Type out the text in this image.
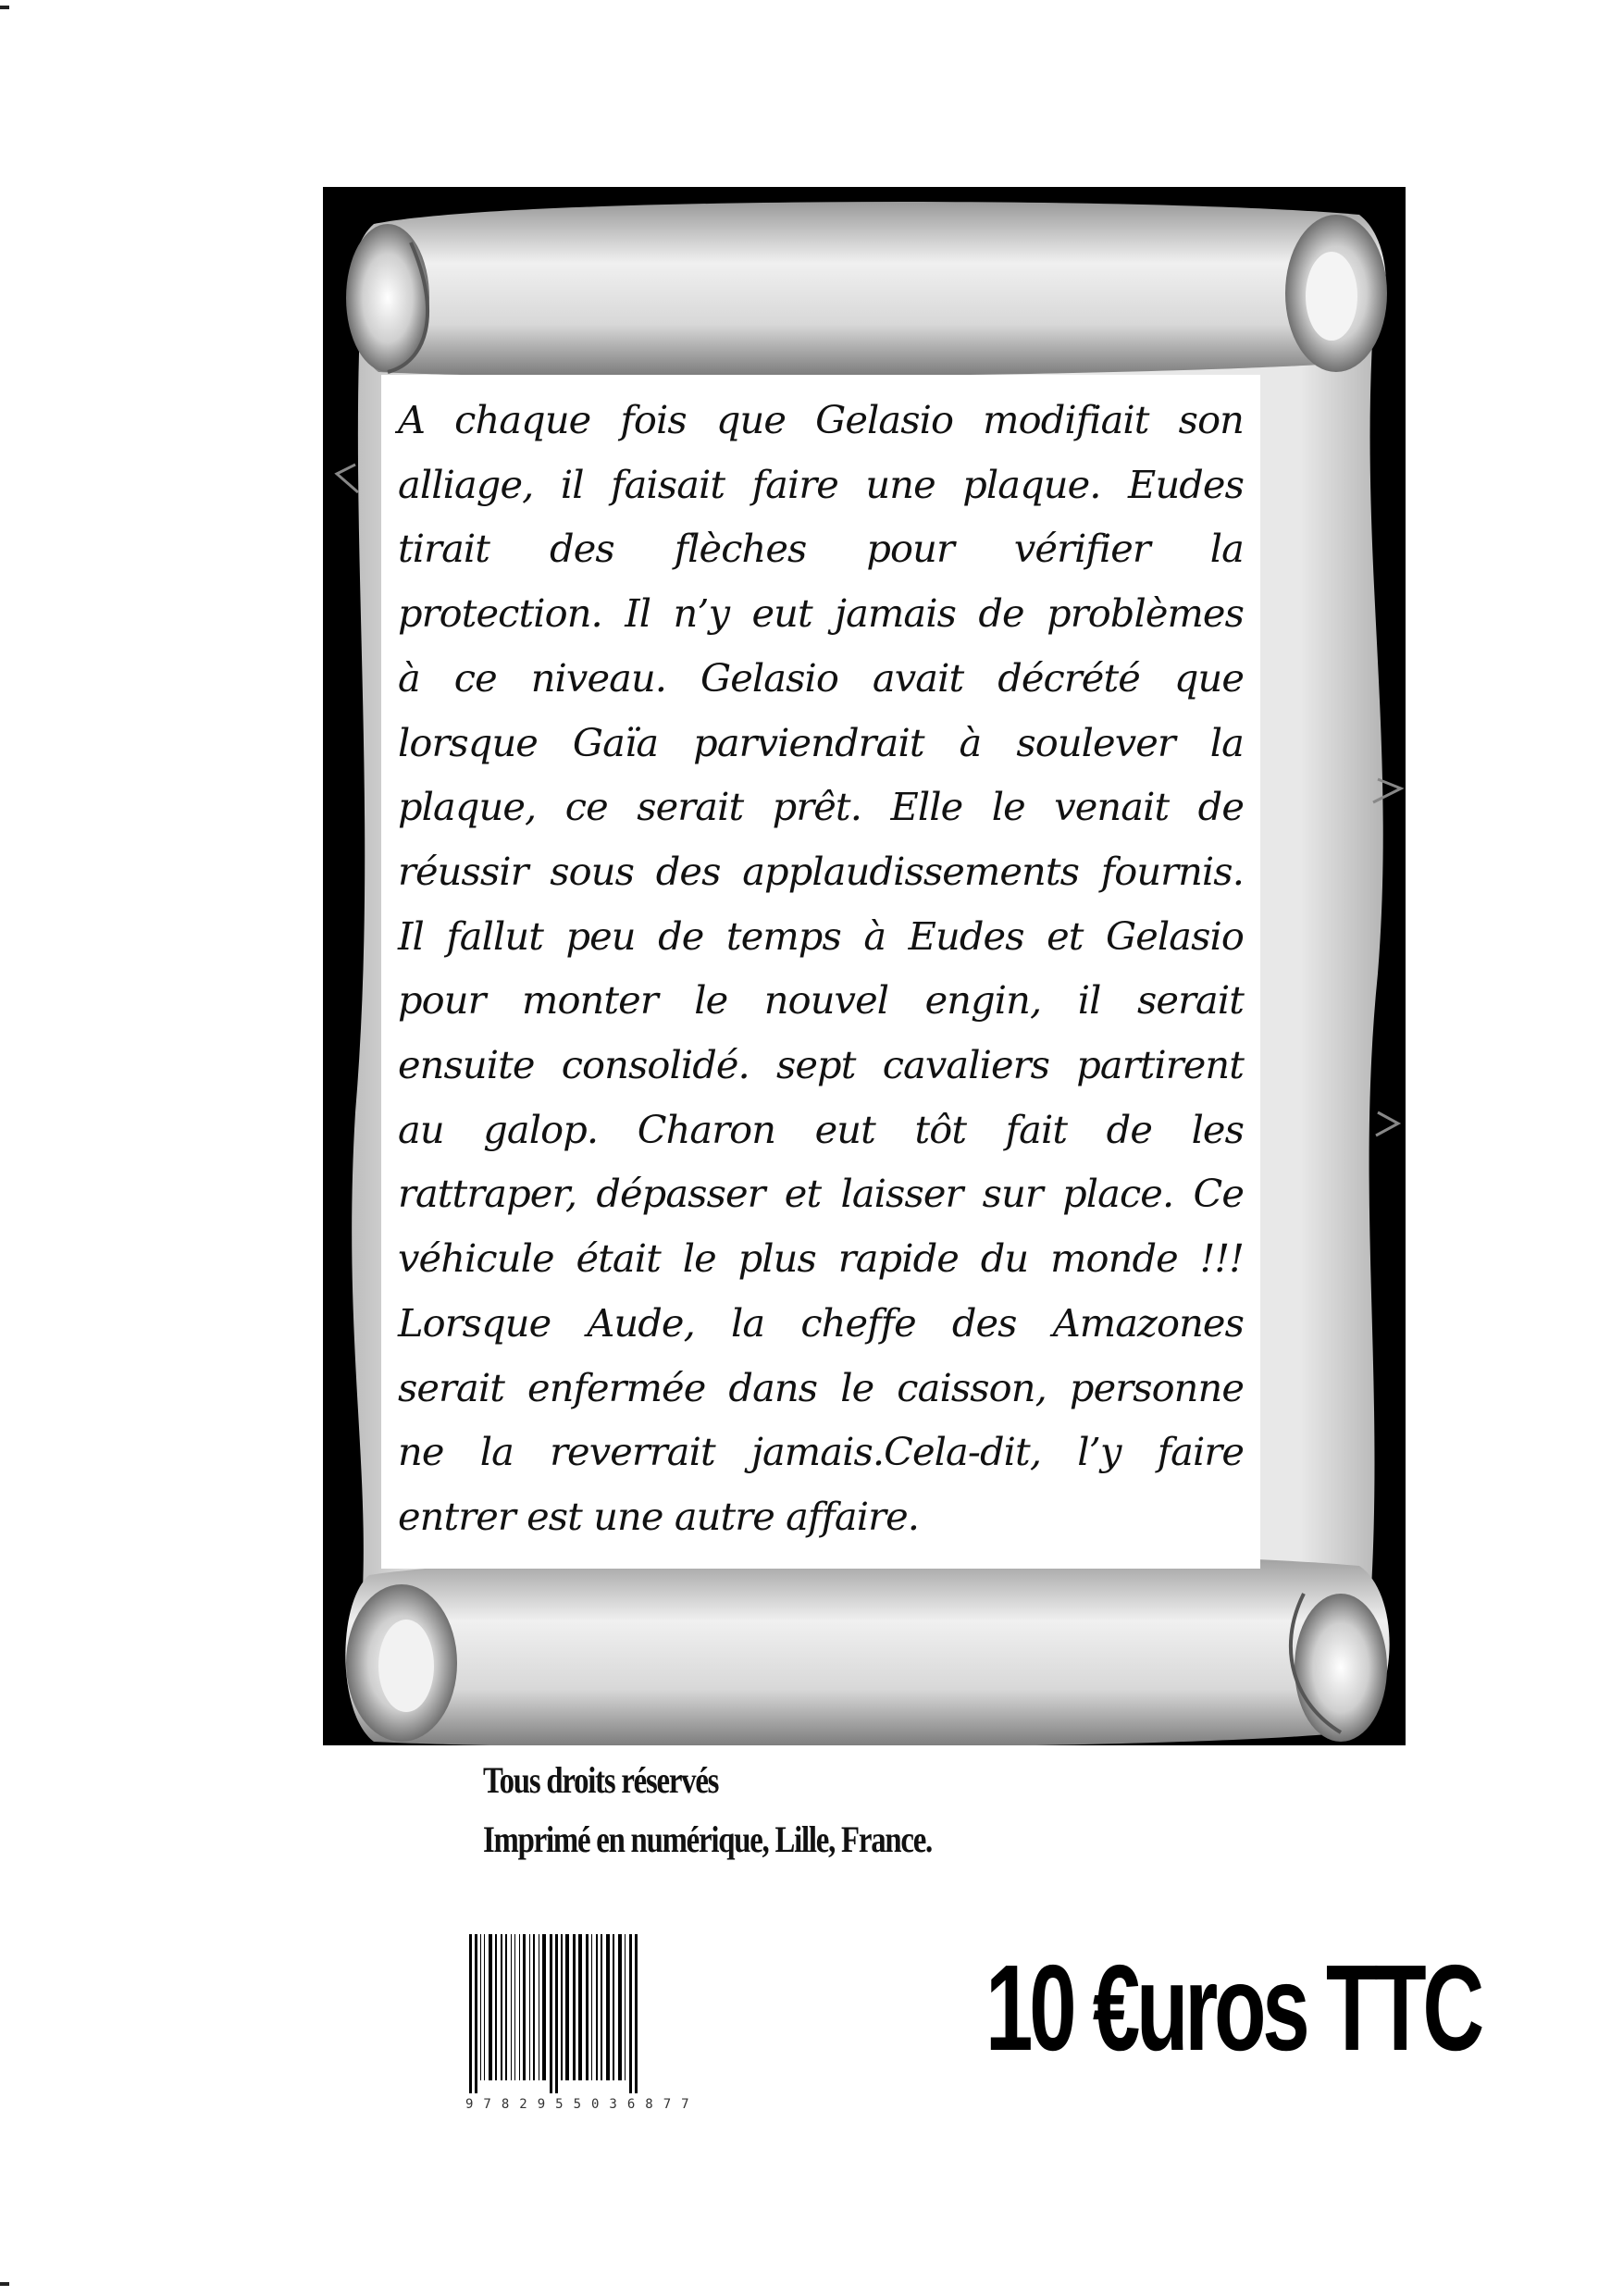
A chaque fois que Gelasio modifiait son
alliage, il faisait faire une plaque. Eudes
tirait des flèches pour vérifier la
protection. Il n’y eut jamais de problèmes
à ce niveau. Gelasio avait décrété que
lorsque Gaïa parviendrait à soulever la
plaque, ce serait prêt. Elle le venait de
réussir sous des applaudissements fournis.
Il fallut peu de temps à Eudes et Gelasio
pour monter le nouvel engin, il serait
ensuite consolidé. sept cavaliers partirent
au galop. Charon eut tôt fait de les
rattraper, dépasser et laisser sur place. Ce
véhicule était le plus rapide du monde !!!
Lorsque Aude, la cheffe des Amazones
serait enfermée dans le caisson, personne
ne la reverrait jamais.Cela-dit, l’y faire
entrer est une autre affaire.

Tous droits réservés
Imprimé en numérique, Lille, France.
9782955036877
10 €uros TTC
